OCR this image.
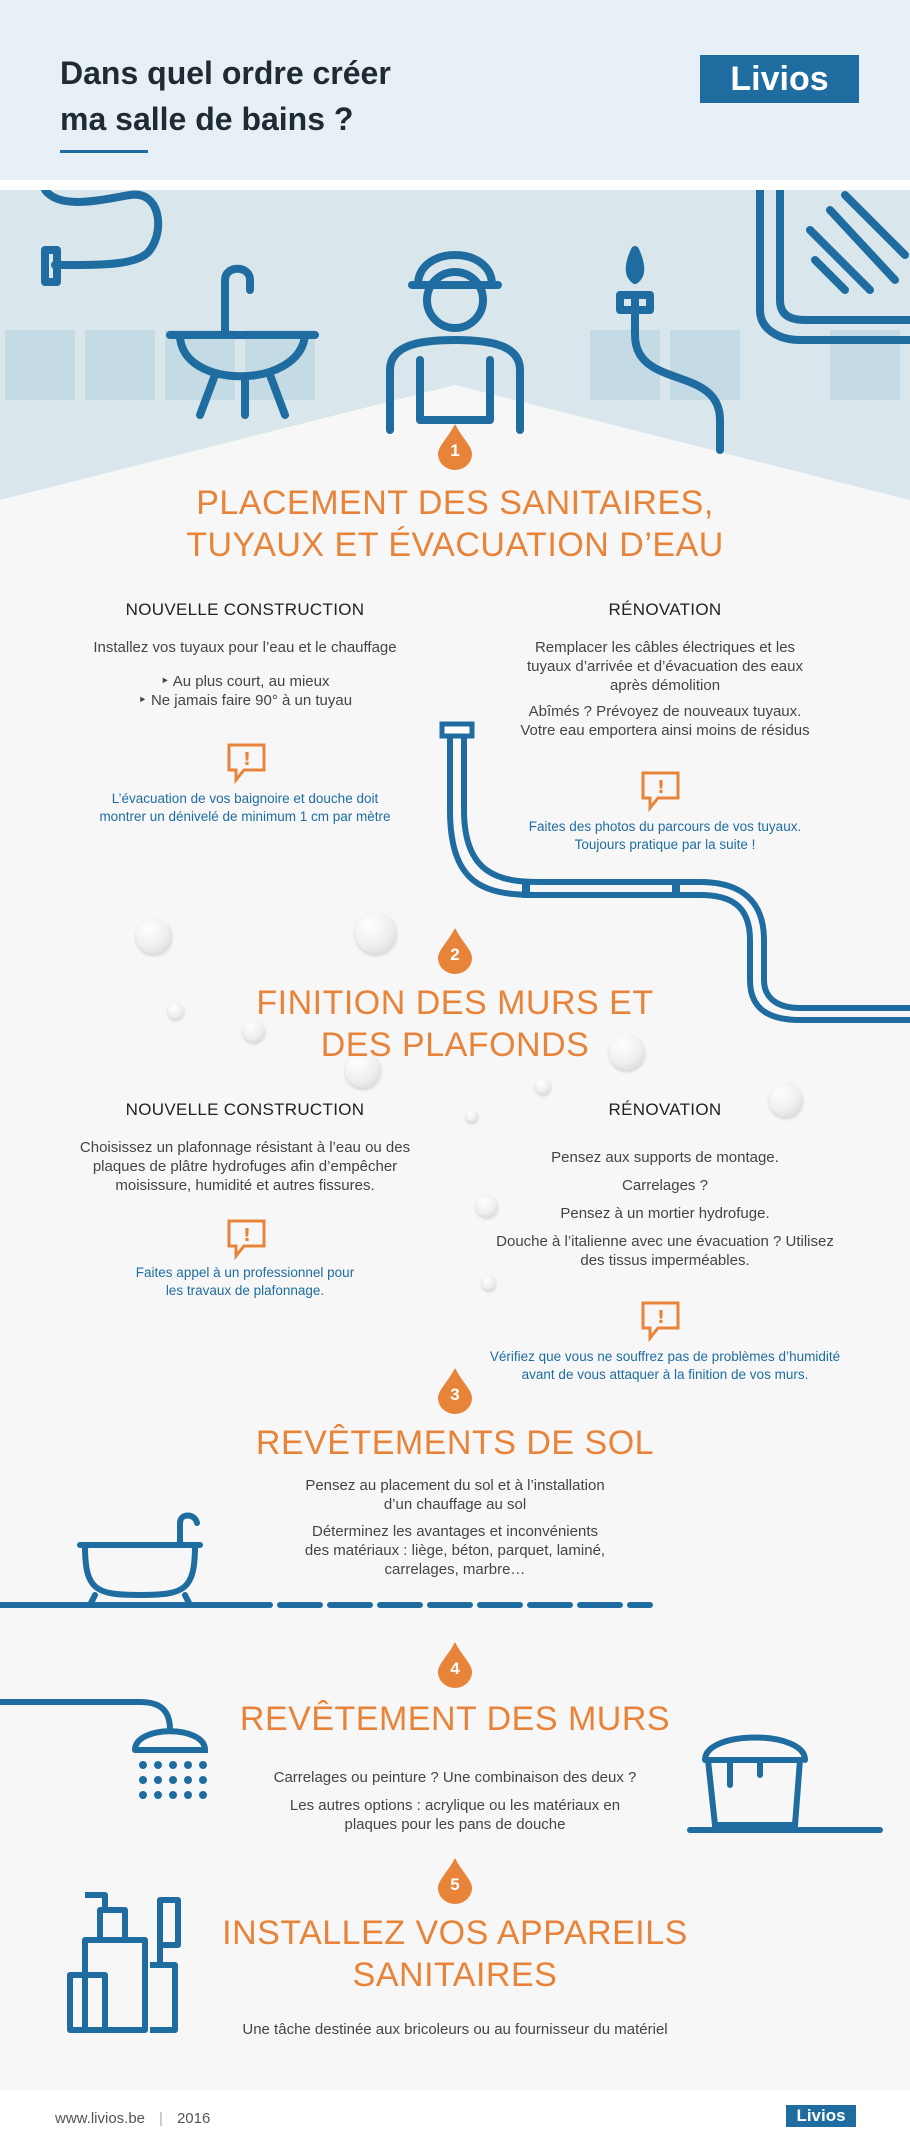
Dans quel ordre créer
ma salle de bains ?
Livios
1
PLACEMENT DES SANITAIRES,
TUYAUX ET ÉVACUATION D’EAU
NOUVELLE CONSTRUCTION
Installez vos tuyaux pour l’eau et le chauffage
‣ Au plus court, au mieux
‣ Ne jamais faire 90° à un tuyau
!
L’évacuation de vos baignoire et douche doit
montrer un dénivelé de minimum 1 cm par mètre
RÉNOVATION
Remplacer les câbles électriques et les
tuyaux d’arrivée et d’évacuation des eaux
après démolition
Abîmés ? Prévoyez de nouveaux tuyaux.
Votre eau emportera ainsi moins de résidus
!
Faites des photos du parcours de vos tuyaux.
Toujours pratique par la suite !
2
FINITION DES MURS ET
DES PLAFONDS
NOUVELLE CONSTRUCTION
Choisissez un plafonnage résistant à l’eau ou des
plaques de plâtre hydrofuges afin d’empêcher
moisissure, humidité et autres fissures.
!
Faites appel à un professionnel pour
les travaux de plafonnage.
RÉNOVATION
Pensez aux supports de montage.
Carrelages ?
Pensez à un mortier hydrofuge.
Douche à l’italienne avec une évacuation ? Utilisez
des tissus imperméables.
!
Vérifiez que vous ne souffrez pas de problèmes d’humidité
avant de vous attaquer à la finition de vos murs.
3
REVÊTEMENTS DE SOL
Pensez au placement du sol et à l’installation
d’un chauffage au sol
Déterminez les avantages et inconvénients
des matériaux : liège, béton, parquet, laminé,
carrelages, marbre…
4
REVÊTEMENT DES MURS
Carrelages ou peinture ? Une combinaison des deux ?
Les autres options : acrylique ou les matériaux en
plaques pour les pans de douche
5
INSTALLEZ VOS APPAREILS
SANITAIRES
Une tâche destinée aux bricoleurs ou au fournisseur du matériel
www.livios.be | 2016	Livios
